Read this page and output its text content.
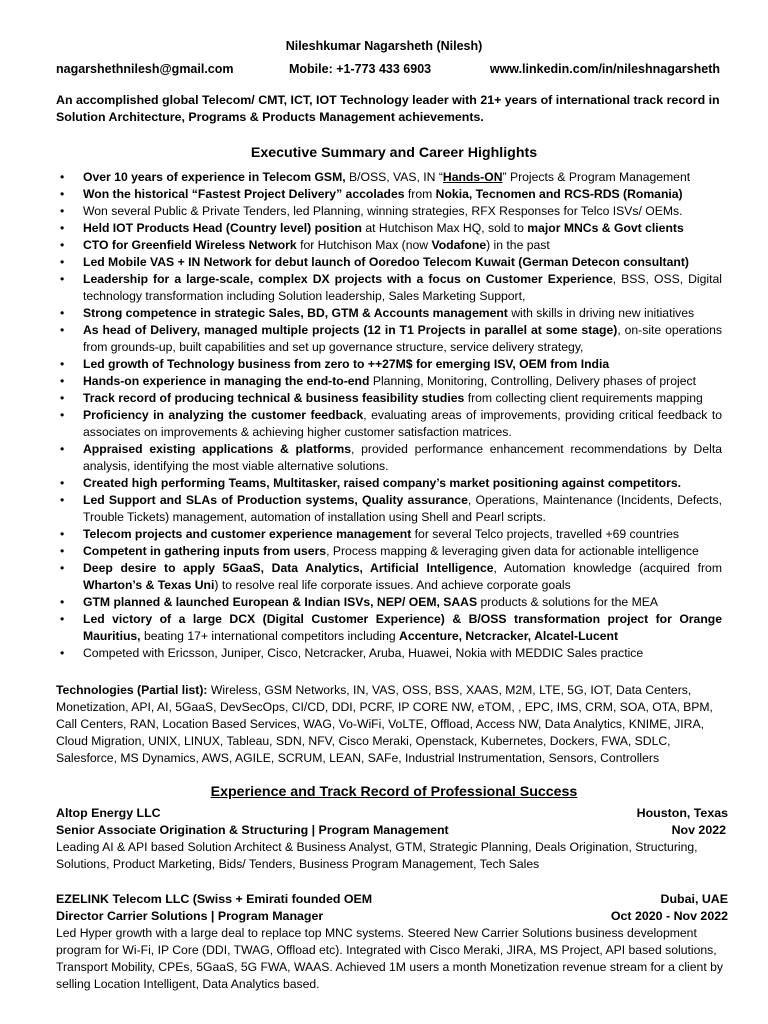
Nileshkumar Nagarsheth (Nilesh)
nagarshethnilesh@gmail.com	Mobile: +1-773 433 6903	www.linkedin.com/in/nileshnagarsheth
An accomplished global Telecom/ CMT, ICT, IOT Technology leader with 21+ years of international track record in Solution Architecture, Programs & Products Management achievements.
Executive Summary and Career Highlights
• Over 10 years of experience in Telecom GSM, B/OSS, VAS, IN “Hands-ON” Projects & Program Management
• Won the historical “Fastest Project Delivery” accolades from Nokia, Tecnomen and RCS-RDS (Romania)
• Won several Public & Private Tenders, led Planning, winning strategies, RFX Responses for Telco ISVs/ OEMs.
• Held IOT Products Head (Country level) position at Hutchison Max HQ, sold to major MNCs & Govt clients
• CTO for Greenfield Wireless Network for Hutchison Max (now Vodafone) in the past
• Led Mobile VAS + IN Network for debut launch of Ooredoo Telecom Kuwait (German Detecon consultant)
• Leadership for a large-scale, complex DX projects with a focus on Customer Experience, BSS, OSS, Digital technology transformation including Solution leadership, Sales Marketing Support,
• Strong competence in strategic Sales, BD, GTM & Accounts management with skills in driving new initiatives
• As head of Delivery, managed multiple projects (12 in T1 Projects in parallel at some stage), on-site operations from grounds-up, built capabilities and set up governance structure, service delivery strategy,
• Led growth of Technology business from zero to ++27M$ for emerging ISV, OEM from India
• Hands-on experience in managing the end-to-end Planning, Monitoring, Controlling, Delivery phases of project
• Track record of producing technical & business feasibility studies from collecting client requirements mapping
• Proficiency in analyzing the customer feedback, evaluating areas of improvements, providing critical feedback to associates on improvements & achieving higher customer satisfaction matrices.
• Appraised existing applications & platforms, provided performance enhancement recommendations by Delta analysis, identifying the most viable alternative solutions.
• Created high performing Teams, Multitasker, raised company’s market positioning against competitors.
• Led Support and SLAs of Production systems, Quality assurance, Operations, Maintenance (Incidents, Defects, Trouble Tickets) management, automation of installation using Shell and Pearl scripts.
• Telecom projects and customer experience management for several Telco projects, travelled +69 countries
• Competent in gathering inputs from users, Process mapping & leveraging given data for actionable intelligence
• Deep desire to apply 5GaaS, Data Analytics, Artificial Intelligence, Automation knowledge (acquired from Wharton’s & Texas Uni) to resolve real life corporate issues. And achieve corporate goals
• GTM planned & launched European & Indian ISVs, NEP/ OEM, SAAS products & solutions for the MEA
• Led victory of a large DCX (Digital Customer Experience) & B/OSS transformation project for Orange Mauritius, beating 17+ international competitors including Accenture, Netcracker, Alcatel-Lucent
• Competed with Ericsson, Juniper, Cisco, Netcracker, Aruba, Huawei, Nokia with MEDDIC Sales practice
Technologies (Partial list): Wireless, GSM Networks, IN, VAS, OSS, BSS, XAAS, M2M, LTE, 5G, IOT, Data Centers, Monetization, API, AI, 5GaaS, DevSecOps, CI/CD, DDI, PCRF, IP CORE NW, eTOM, , EPC, IMS, CRM, SOA, OTA, BPM, Call Centers, RAN, Location Based Services, WAG, Vo-WiFi, VoLTE, Offload, Access NW, Data Analytics, KNIME, JIRA, Cloud Migration, UNIX, LINUX, Tableau, SDN, NFV, Cisco Meraki, Openstack, Kubernetes, Dockers, FWA, SDLC, Salesforce, MS Dynamics, AWS, AGILE, SCRUM, LEAN, SAFe, Industrial Instrumentation, Sensors, Controllers
Experience and Track Record of Professional Success
Altop Energy LLC	Houston, Texas
Senior Associate Origination & Structuring | Program Management	Nov 2022
Leading AI & API based Solution Architect & Business Analyst, GTM, Strategic Planning, Deals Origination, Structuring, Solutions, Product Marketing, Bids/ Tenders, Business Program Management, Tech Sales
EZELINK Telecom LLC (Swiss + Emirati founded OEM	Dubai, UAE
Director Carrier Solutions | Program Manager	Oct 2020 - Nov 2022
Led Hyper growth with a large deal to replace top MNC systems. Steered New Carrier Solutions business development program for Wi-Fi, IP Core (DDI, TWAG, Offload etc). Integrated with Cisco Meraki, JIRA, MS Project, API based solutions, Transport Mobility, CPEs, 5GaaS, 5G FWA, WAAS. Achieved 1M users a month Monetization revenue stream for a client by selling Location Intelligent, Data Analytics based.
